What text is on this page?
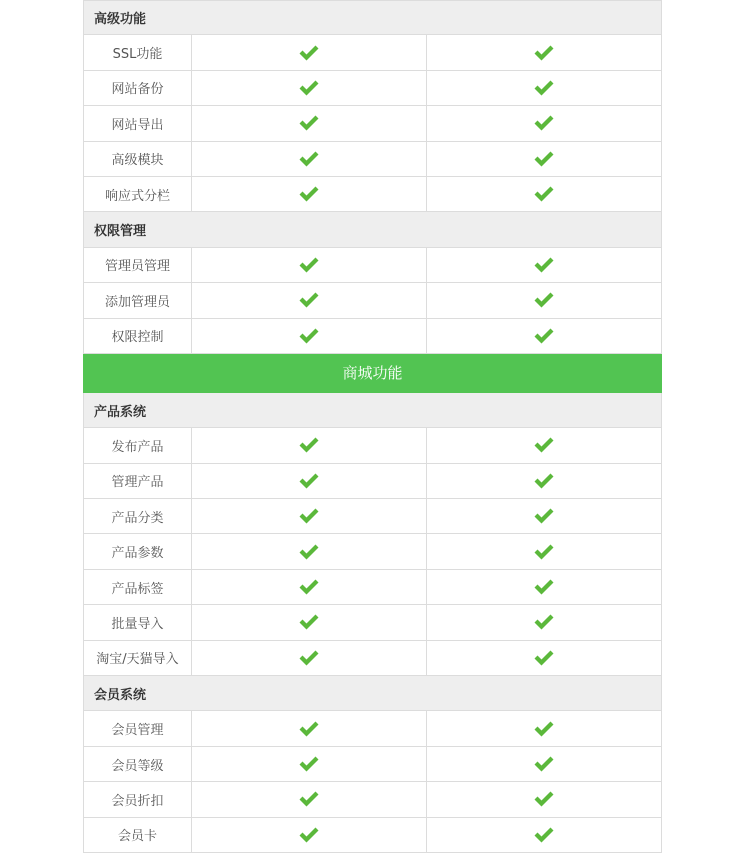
高级功能
SSL功能
网站备份
网站导出
高级模块
响应式分栏
权限管理
管理员管理
添加管理员
权限控制
商城功能
产品系统
发布产品
管理产品
产品分类
产品参数
产品标签
批量导入
淘宝/天猫导入
会员系统
会员管理
会员等级
会员折扣
会员卡
